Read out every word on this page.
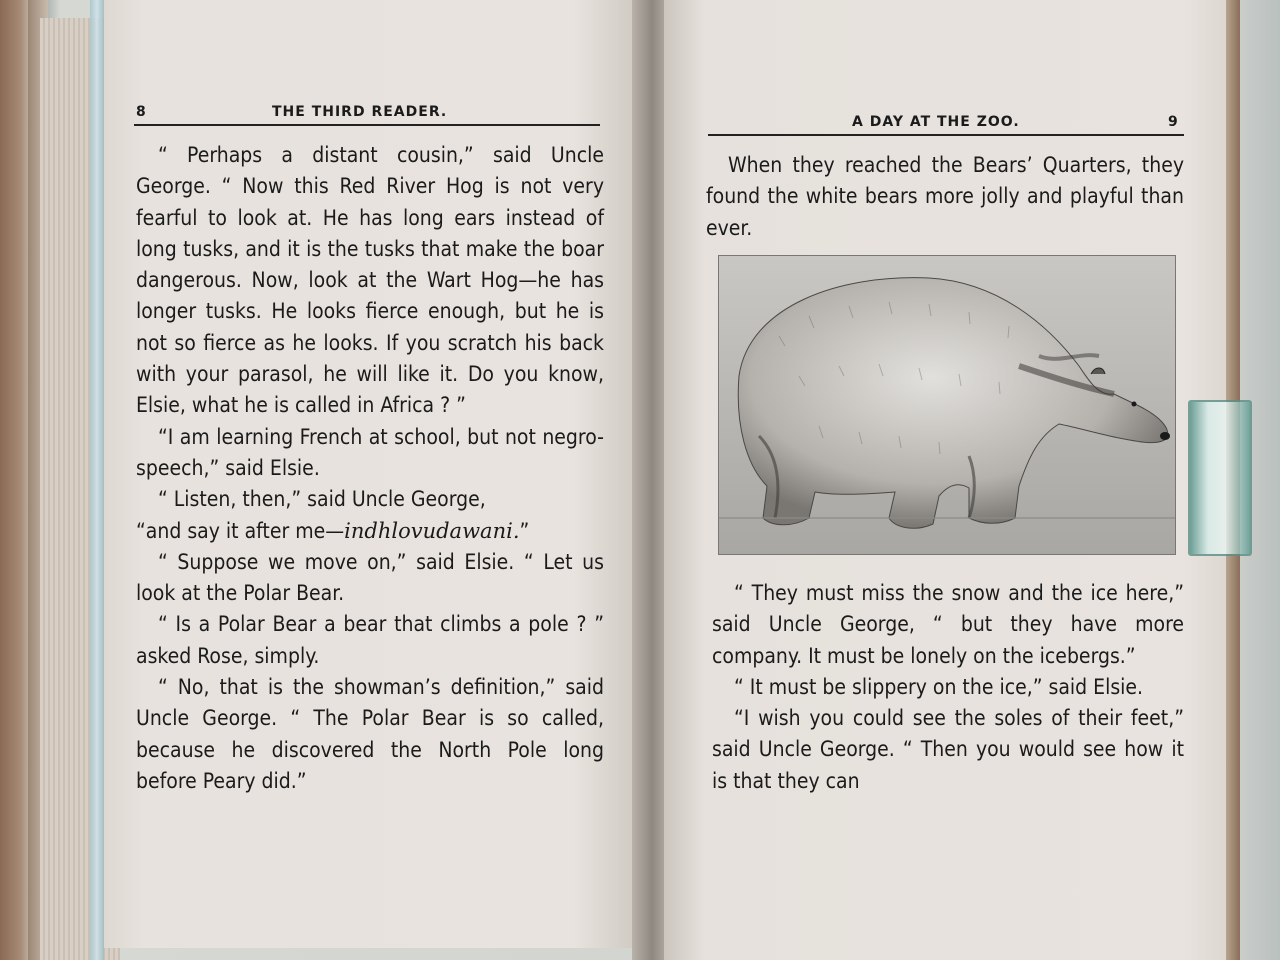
8	THE THIRD READER.

“ Perhaps a distant cousin,” said Uncle George. “ Now this Red River Hog is not very fearful to look at. He has long ears instead of long tusks, and it is the tusks that make the boar dangerous. Now, look at the Wart Hog—he has longer tusks. He looks fierce enough, but he is not so fierce as he looks. If you scratch his back with your parasol, he will like it. Do you know, Elsie, what he is called in Africa ? ”

“I am learning French at school, but not negro-speech,” said Elsie.

“ Listen, then,” said Uncle George,

“and say it after me—indhlovudawani.”

“ Suppose we move on,” said Elsie. “ Let us look at the Polar Bear.

“ Is a Polar Bear a bear that climbs a pole ? ” asked Rose, simply.

“ No, that is the showman’s definition,” said Uncle George. “ The Polar Bear is so called, because he discovered the North Pole long before Peary did.”

A DAY AT THE ZOO.	9

When they reached the Bears’ Quarters, they found the white bears more jolly and playful than ever.

“ They must miss the snow and the ice here,” said Uncle George, “ but they have more company. It must be lonely on the icebergs.”

“ It must be slippery on the ice,” said Elsie.

“I wish you could see the soles of their feet,” said Uncle George. “ Then you would see how it is that they can
